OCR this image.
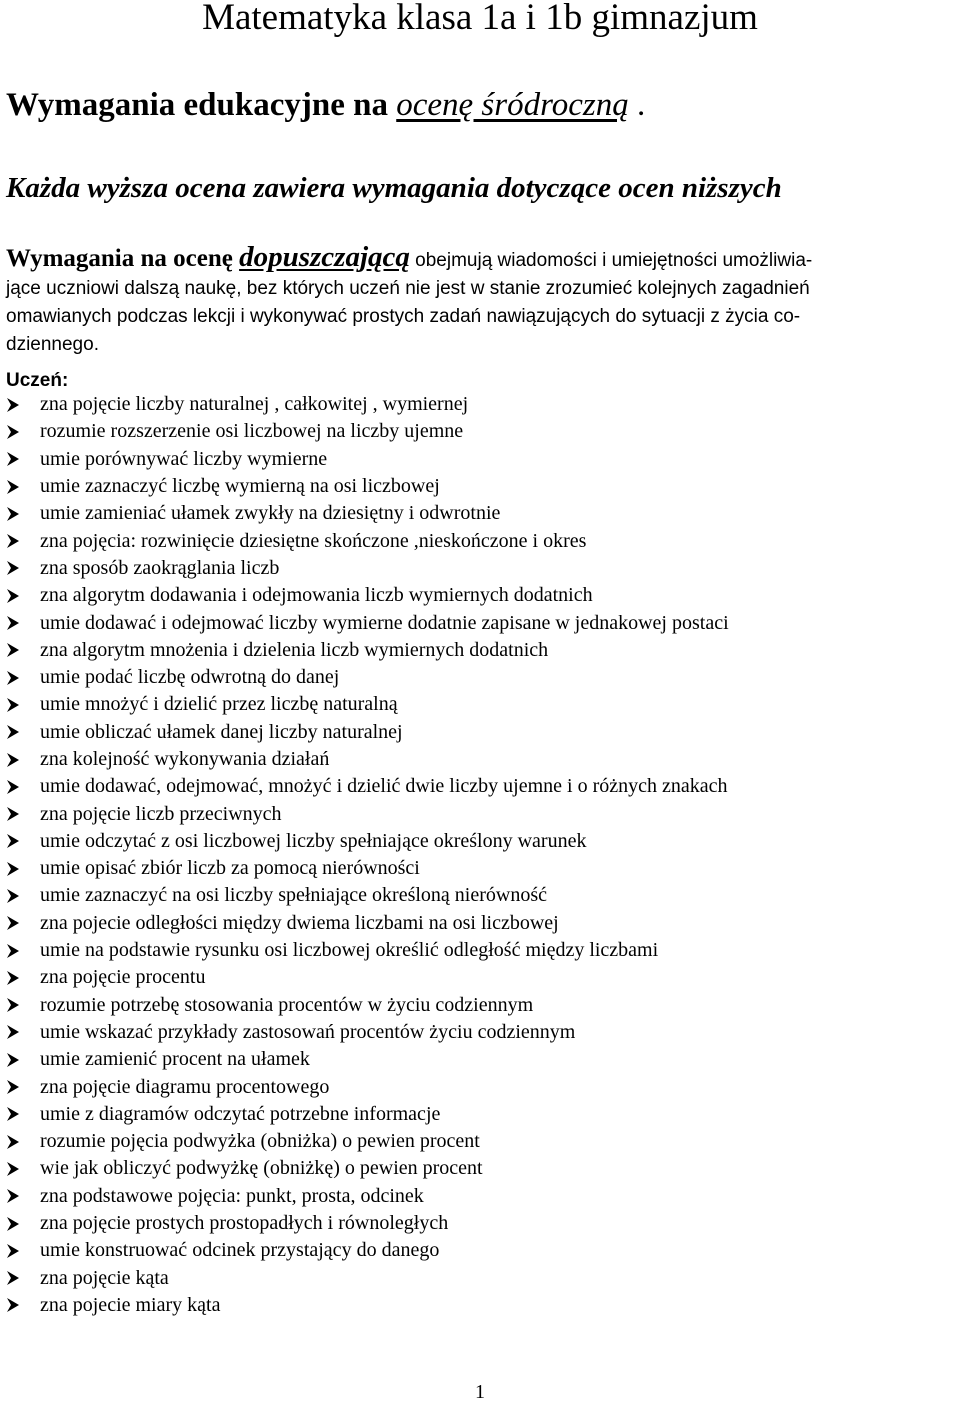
Matematyka klasa 1a i 1b gimnazjum
Wymagania edukacyjne na ocenę śródroczną .

Każda wyższa ocena zawiera wymagania dotyczące ocen niższych

Wymagania na ocenę dopuszczającą obejmują wiadomości i umiejętności umożliwia-
jące uczniowi dalszą naukę, bez których uczeń nie jest w stanie zrozumieć kolejnych zagadnień
omawianych podczas lekcji i wykonywać prostych zadań nawiązujących do sytuacji z życia co-
dziennego.

Uczeń:

zna pojęcie liczby naturalnej , całkowitej , wymiernej
rozumie rozszerzenie osi liczbowej na liczby ujemne
umie porównywać liczby wymierne
umie zaznaczyć liczbę wymierną na osi liczbowej
umie zamieniać ułamek zwykły na dziesiętny i odwrotnie
zna pojęcia: rozwinięcie dziesiętne skończone ,nieskończone i okres
zna sposób zaokrąglania liczb
zna algorytm dodawania i odejmowania liczb wymiernych dodatnich
umie dodawać i odejmować liczby wymierne dodatnie zapisane w jednakowej postaci
zna algorytm mnożenia i dzielenia liczb wymiernych dodatnich
umie podać liczbę odwrotną do danej
umie mnożyć i dzielić przez liczbę naturalną
umie obliczać ułamek danej liczby naturalnej
zna kolejność wykonywania działań
umie dodawać, odejmować, mnożyć i dzielić dwie liczby ujemne i o różnych znakach
zna pojęcie liczb przeciwnych
umie odczytać z osi liczbowej liczby spełniające określony warunek
umie opisać zbiór liczb za pomocą nierówności
umie zaznaczyć na osi liczby spełniające określoną nierówność
zna pojecie odległości między dwiema liczbami na osi liczbowej
umie na podstawie rysunku osi liczbowej określić odległość między liczbami
zna pojęcie procentu
rozumie potrzebę stosowania procentów w życiu codziennym
umie wskazać przykłady zastosowań procentów życiu codziennym
umie zamienić procent na ułamek
zna pojęcie diagramu procentowego
umie z diagramów odczytać potrzebne informacje
rozumie pojęcia podwyżka (obniżka) o pewien procent
wie jak obliczyć podwyżkę (obniżkę) o pewien procent
zna podstawowe pojęcia: punkt, prosta, odcinek
zna pojęcie prostych prostopadłych i równoległych
umie konstruować odcinek przystający do danego
zna pojęcie kąta
zna pojecie miary kąta
1
